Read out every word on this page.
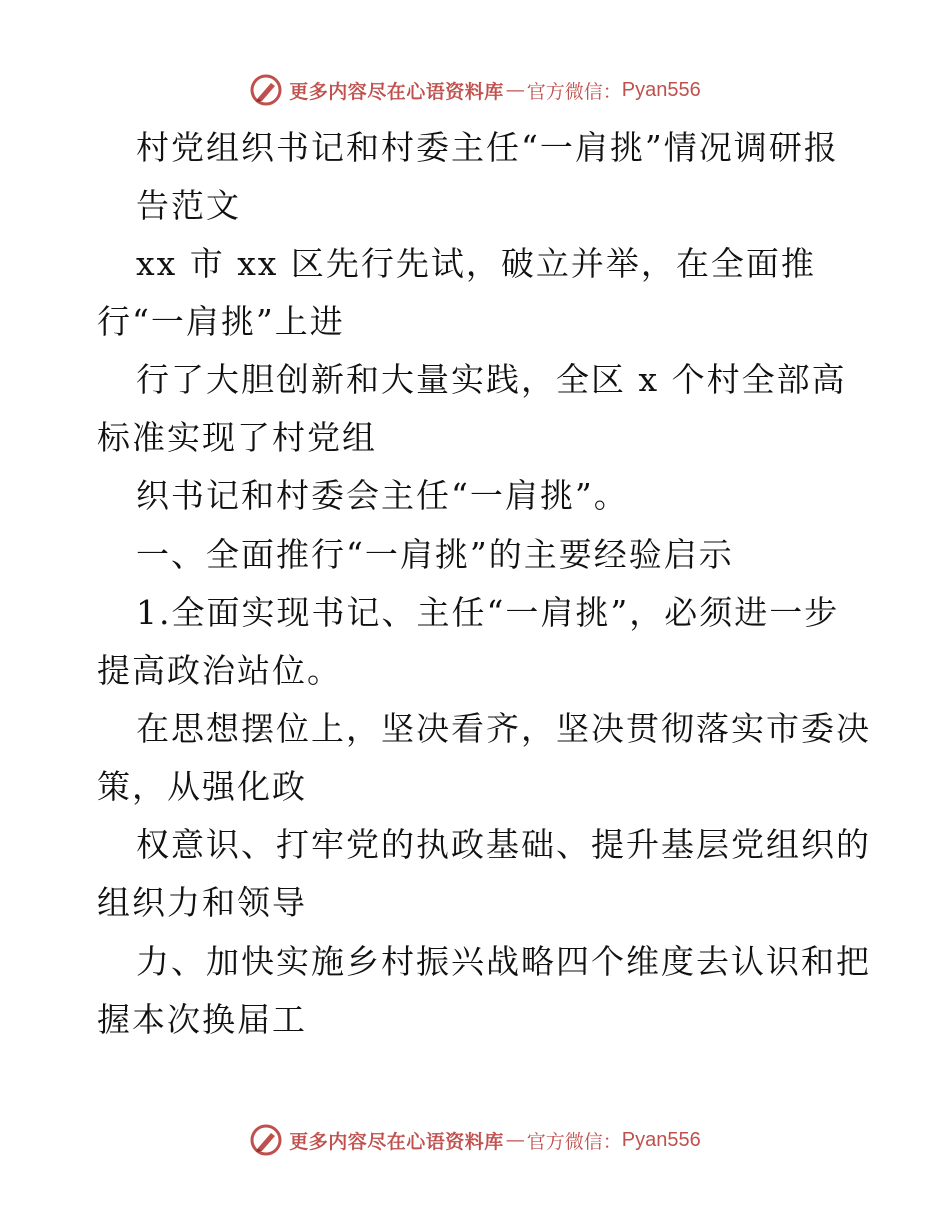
更多内容尽在心语资料库 — 官方微信： Pyan556
村党组织书记和村委主任“一肩挑”情况调研报
告范文
xx 市 xx 区先行先试，破立并举，在全面推
行“一肩挑”上进
行了大胆创新和大量实践，全区 x 个村全部高
标准实现了村党组
织书记和村委会主任“一肩挑”。
一、全面推行“一肩挑”的主要经验启示
1.全面实现书记、主任“一肩挑”，必须进一步
提高政治站位。
在思想摆位上，坚决看齐，坚决贯彻落实市委决
策，从强化政
权意识、打牢党的执政基础、提升基层党组织的
组织力和领导
力、加快实施乡村振兴战略四个维度去认识和把
握本次换届工
更多内容尽在心语资料库 — 官方微信： Pyan556
